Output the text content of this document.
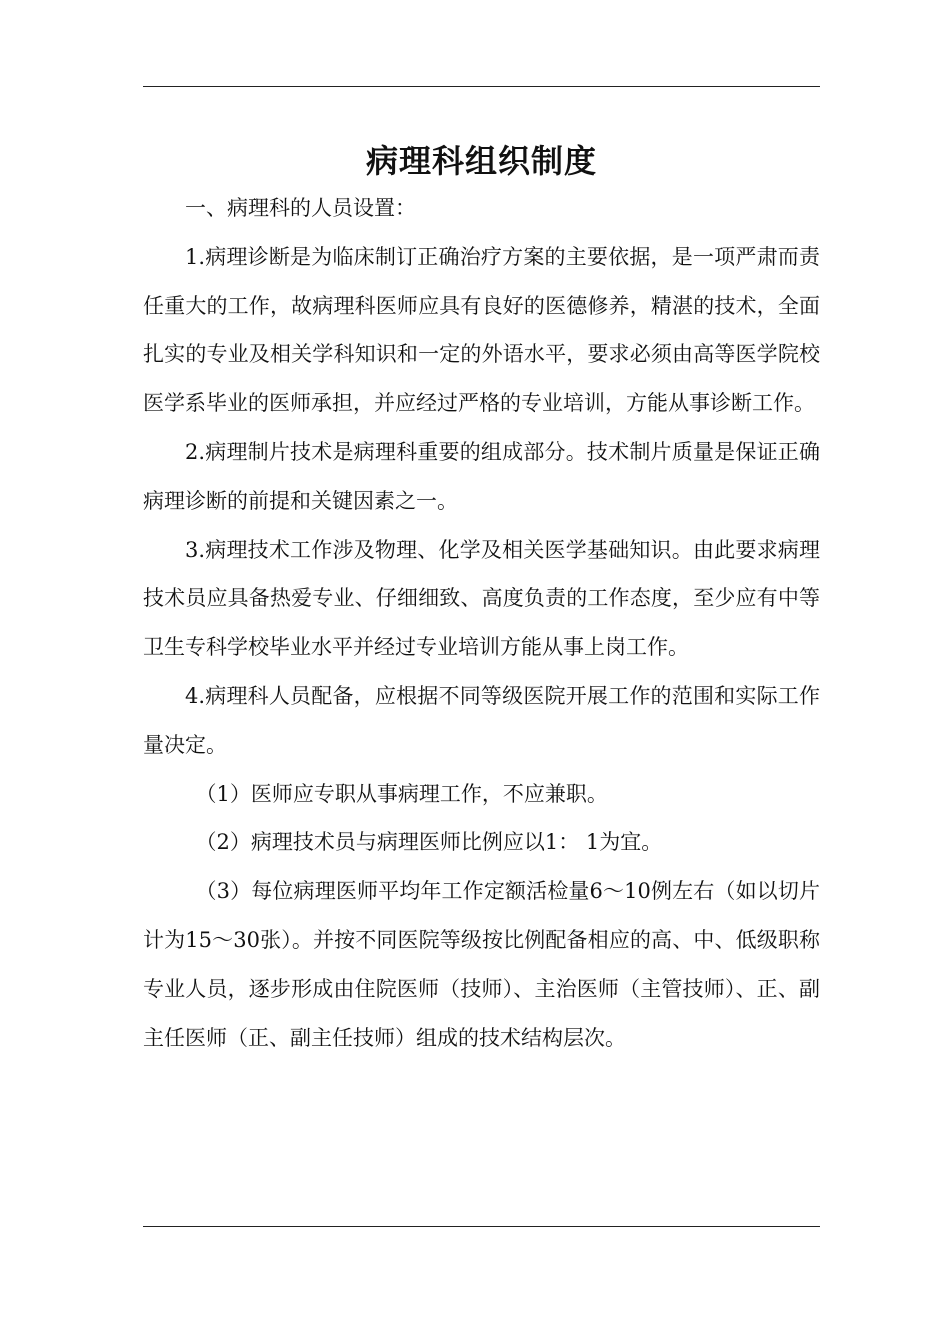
病理科组织制度

一、病理科的人员设置：

1.病理诊断是为临床制订正确治疗方案的主要依据，是一项严肃而责任重大的工作，故病理科医师应具有良好的医德修养，精湛的技术，全面扎实的专业及相关学科知识和一定的外语水平，要求必须由高等医学院校医学系毕业的医师承担，并应经过严格的专业培训，方能从事诊断工作。

2.病理制片技术是病理科重要的组成部分。技术制片质量是保证正确病理诊断的前提和关键因素之一。

3.病理技术工作涉及物理、化学及相关医学基础知识。由此要求病理技术员应具备热爱专业、仔细细致、高度负责的工作态度，至少应有中等卫生专科学校毕业水平并经过专业培训方能从事上岗工作。

4.病理科人员配备，应根据不同等级医院开展工作的范围和实际工作量决定。

（1）医师应专职从事病理工作，不应兼职。

（2）病理技术员与病理医师比例应以1： 1为宜。

（3）每位病理医师平均年工作定额活检量6～10例左右（如以切片计为15～30张）。并按不同医院等级按比例配备相应的高、中、低级职称专业人员，逐步形成由住院医师（技师）、主治医师（主管技师）、正、副主任医师（正、副主任技师）组成的技术结构层次。
